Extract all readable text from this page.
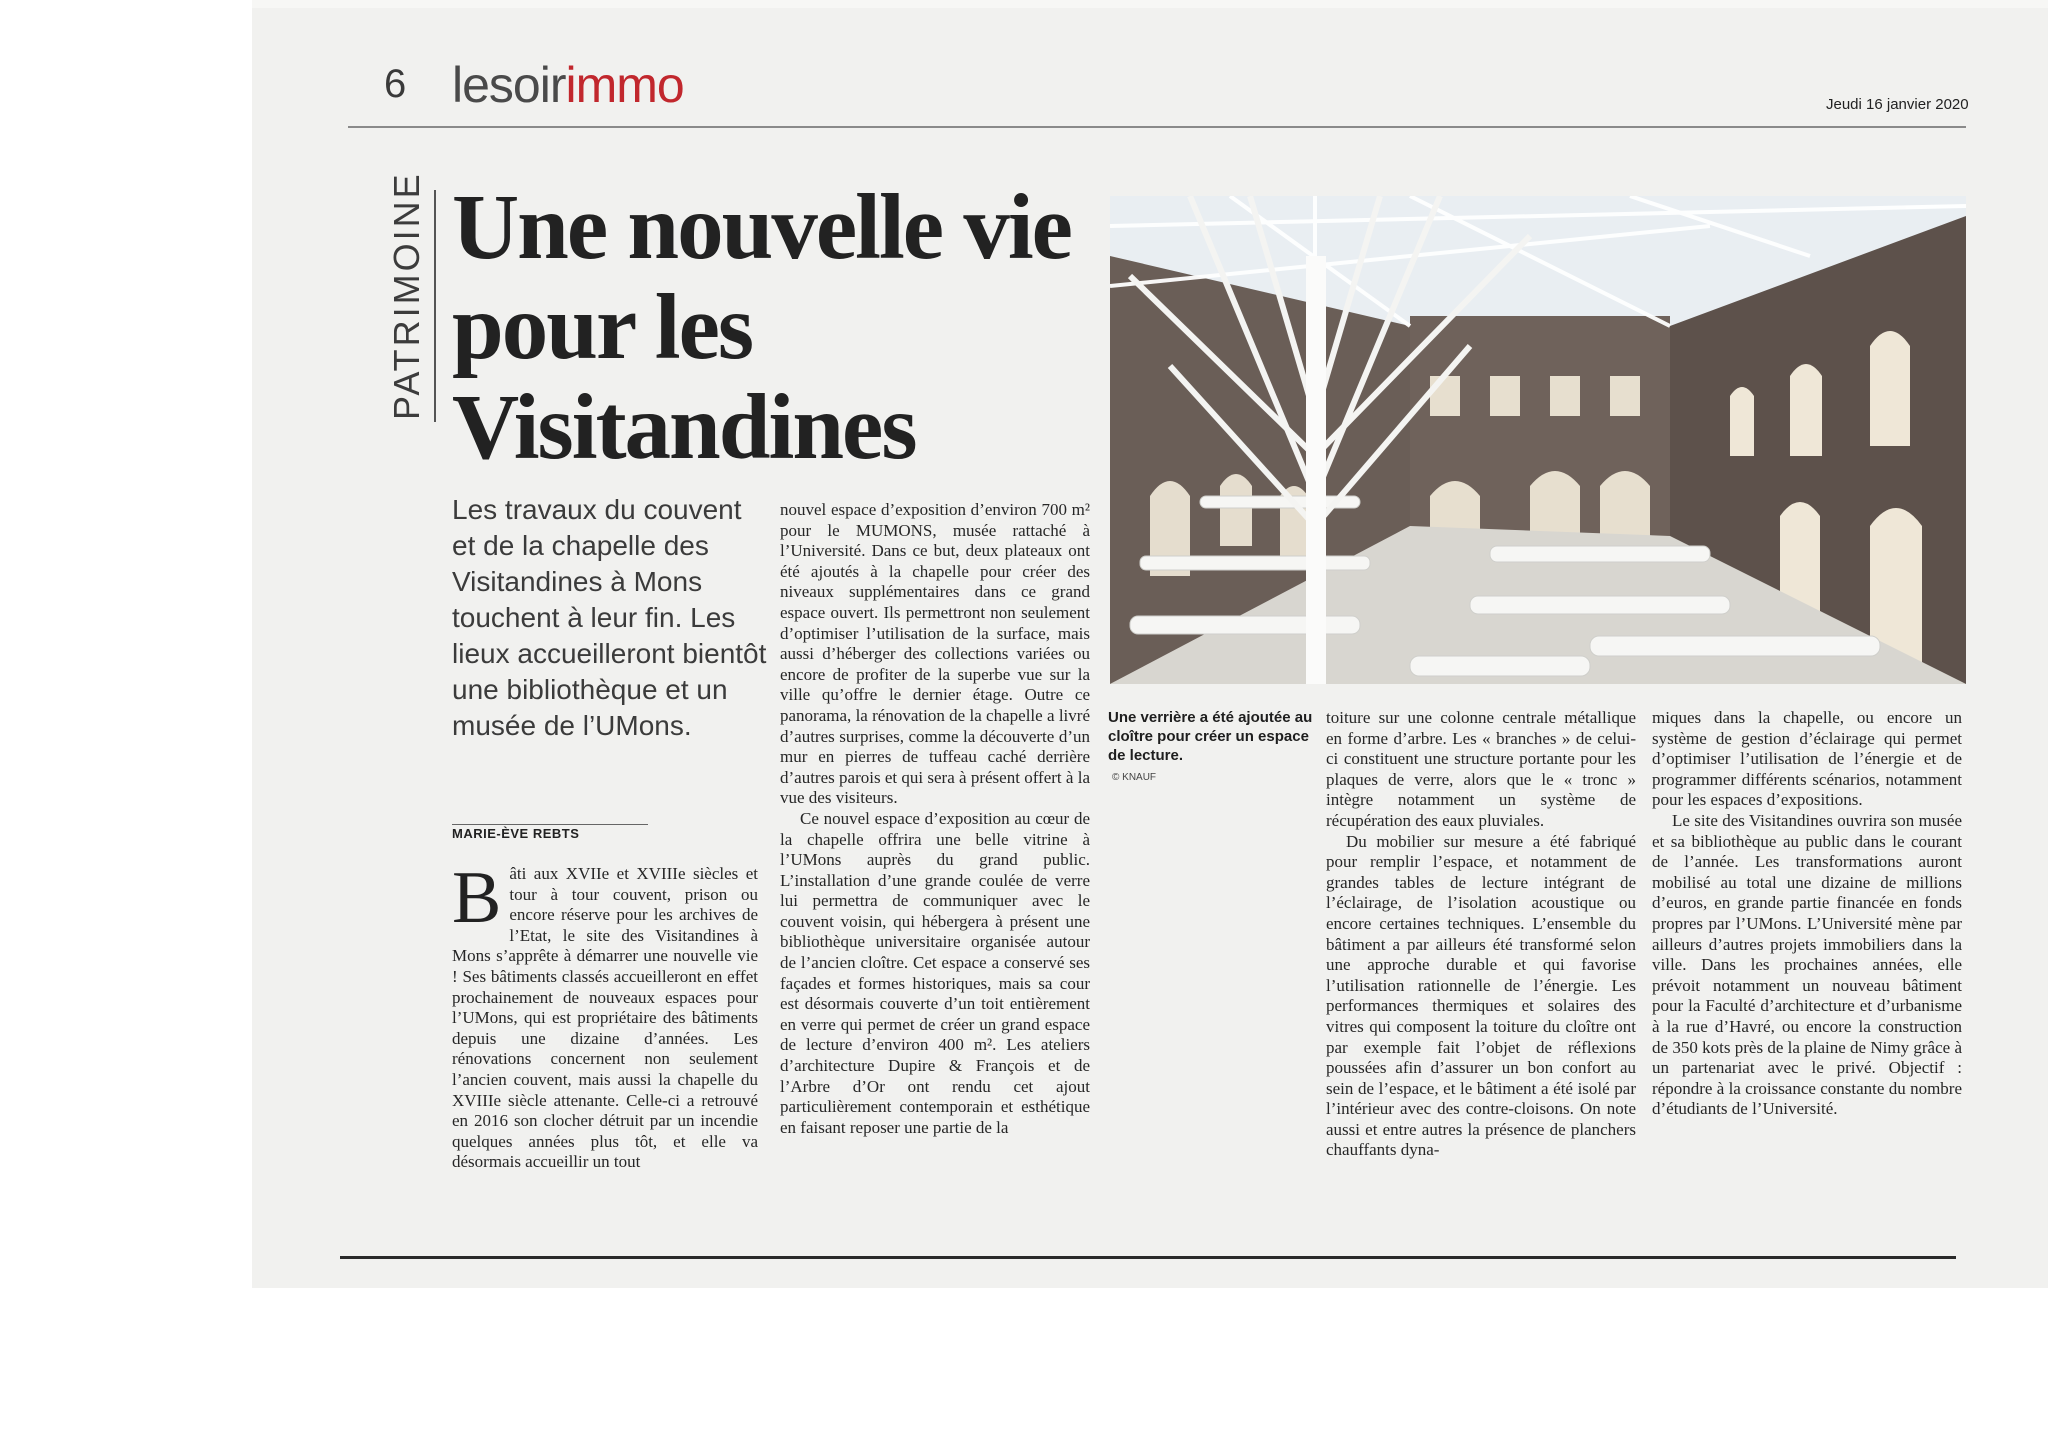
6 lesoirimmo	Jeudi 16 janvier 2020
PATRIMOINE Une nouvelle vie pour les Visitandines

Les travaux du couvent et de la chapelle des Visitandines à Mons touchent à leur fin. Les lieux accueilleront bientôt une bibliothèque et un musée de l’UMons.

MARIE-ÈVE REBTS

Bâti aux XVIIe et XVIIIe siècles et tour à tour couvent, prison ou encore réserve pour les archives de l’Etat, le site des Visitandines à Mons s’apprête à démarrer une nouvelle vie ! Ses bâtiments classés accueilleront en effet prochainement de nouveaux espaces pour l’UMons, qui est propriétaire des bâtiments depuis une dizaine d’années. Les rénovations concernent non seulement l’ancien couvent, mais aussi la chapelle du XVIIIe siècle attenante. Celle-ci a retrouvé en 2016 son clocher détruit par un incendie quelques années plus tôt, et elle va désormais accueillir un tout

nouvel espace d’exposition d’environ 700 m² pour le MUMONS, musée rattaché à l’Université. Dans ce but, deux plateaux ont été ajoutés à la chapelle pour créer des niveaux supplémentaires dans ce grand espace ouvert. Ils permettront non seulement d’optimiser l’utilisation de la surface, mais aussi d’héberger des collections variées ou encore de profiter de la superbe vue sur la ville qu’offre le dernier étage. Outre ce panorama, la rénovation de la chapelle a livré d’autres surprises, comme la découverte d’un mur en pierres de tuffeau caché derrière d’autres parois et qui sera à présent offert à la vue des visiteurs.

Ce nouvel espace d’exposition au cœur de la chapelle offrira une belle vitrine à l’UMons auprès du grand public. L’installation d’une grande coulée de verre lui permettra de communiquer avec le couvent voisin, qui hébergera à présent une bibliothèque universitaire organisée autour de l’ancien cloître. Cet espace a conservé ses façades et formes historiques, mais sa cour est désormais couverte d’un toit entièrement en verre qui permet de créer un grand espace de lecture d’environ 400 m². Les ateliers d’architecture Dupire & François et de l’Arbre d’Or ont rendu cet ajout particulièrement contemporain et esthétique en faisant reposer une partie de la

Une verrière a été ajoutée au cloître pour créer un espace de lecture.

© KNAUF

toiture sur une colonne centrale métallique en forme d’arbre. Les « branches » de celui-ci constituent une structure portante pour les plaques de verre, alors que le « tronc » intègre notamment un système de récupération des eaux pluviales.

Du mobilier sur mesure a été fabriqué pour remplir l’espace, et notamment de grandes tables de lecture intégrant de l’éclairage, de l’isolation acoustique ou encore certaines techniques. L’ensemble du bâtiment a par ailleurs été transformé selon une approche durable et qui favorise l’utilisation rationnelle de l’énergie. Les performances thermiques et solaires des vitres qui composent la toiture du cloître ont par exemple fait l’objet de réflexions poussées afin d’assurer un bon confort au sein de l’espace, et le bâtiment a été isolé par l’intérieur avec des contre-cloisons. On note aussi et entre autres la présence de planchers chauffants dyna-

miques dans la chapelle, ou encore un système de gestion d’éclairage qui permet d’optimiser l’utilisation de l’énergie et de programmer différents scénarios, notamment pour les espaces d’expositions.

Le site des Visitandines ouvrira son musée et sa bibliothèque au public dans le courant de l’année. Les transformations auront mobilisé au total une dizaine de millions d’euros, en grande partie financée en fonds propres par l’UMons. L’Université mène par ailleurs d’autres projets immobiliers dans la ville. Dans les prochaines années, elle prévoit notamment un nouveau bâtiment pour la Faculté d’architecture et d’urbanisme à la rue d’Havré, ou encore la construction de 350 kots près de la plaine de Nimy grâce à un partenariat avec le privé. Objectif : répondre à la croissance constante du nombre d’étudiants de l’Université.
